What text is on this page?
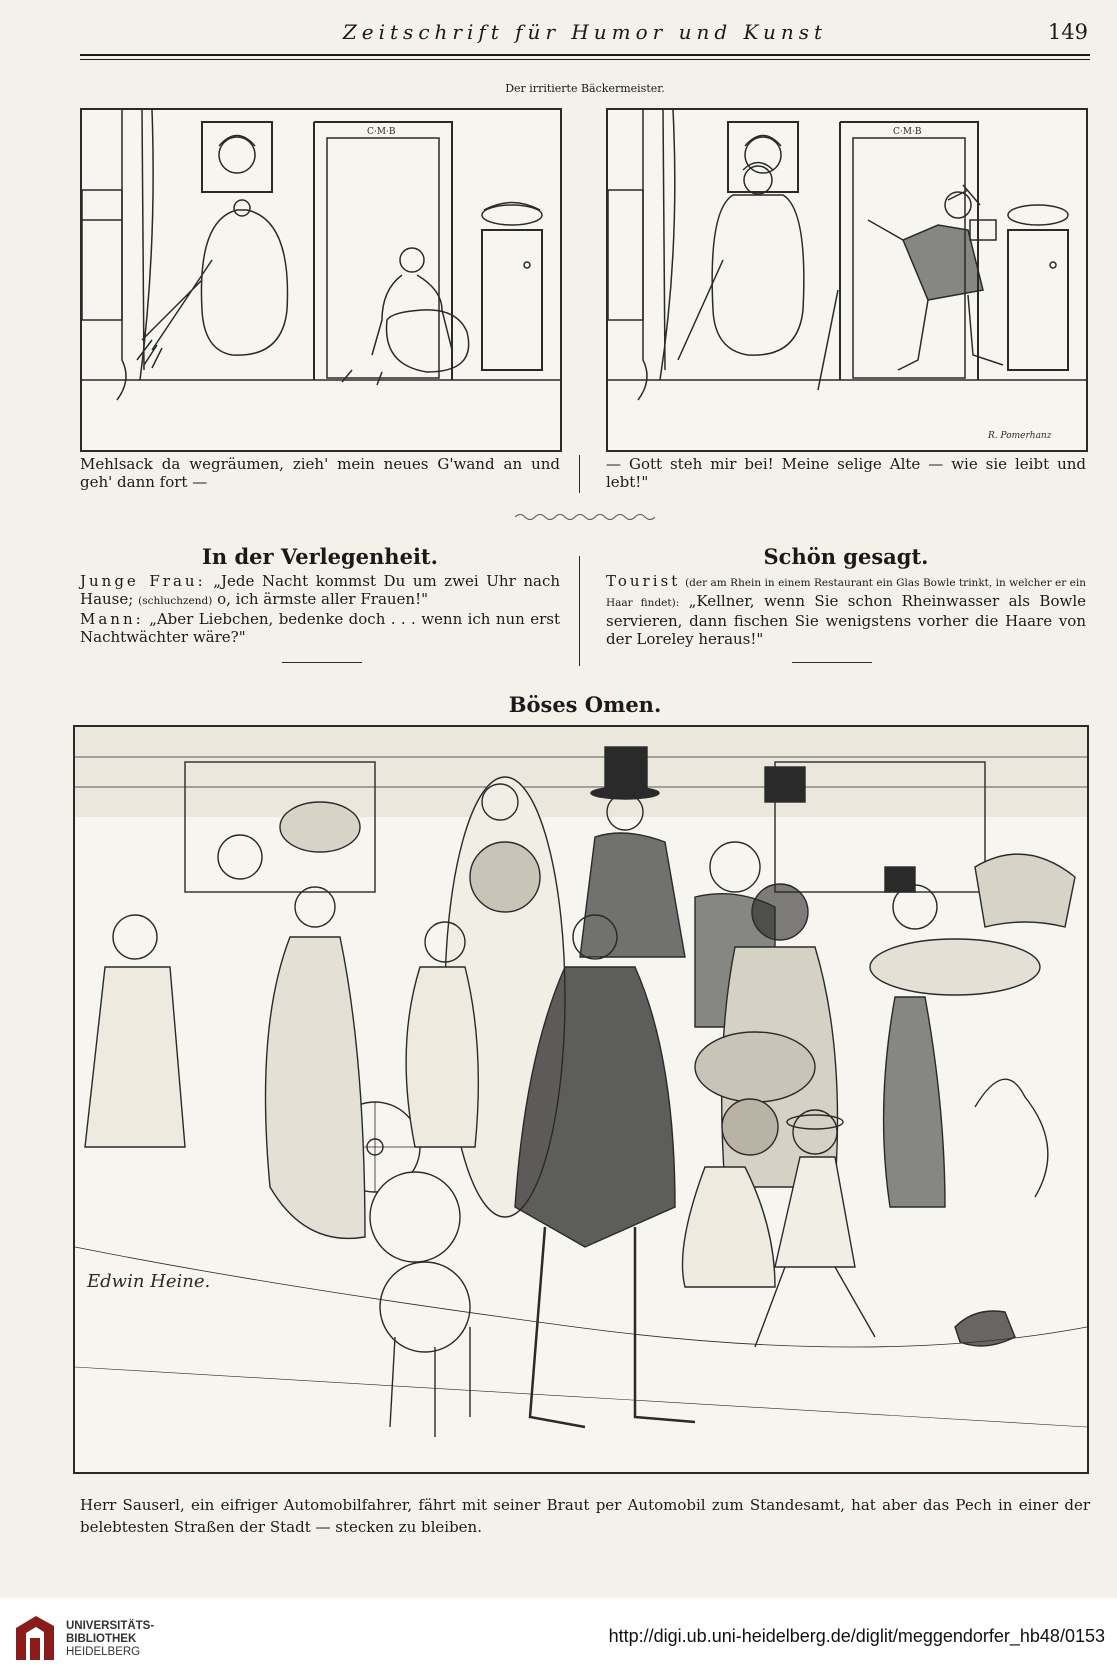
Zeitschrift für Humor und Kunst	149
Der irritierte Bäckermeister.
C·M·B	C·M·B
R. Pomerhanz
Mehlsack da wegräumen, zieh' mein neues G'wand an und geh' dann fort —
— Gott steh mir bei! Meine selige Alte — wie sie leibt und lebt!"
In der Verlegenheit.
Junge Frau: „Jede Nacht kommst Du um zwei Uhr nach Hause; (schluchzend) o, ich ärmste aller Frauen!"
Mann: „Aber Liebchen, bedenke doch . . . wenn ich nun erst Nachtwächter wäre?"
Schön gesagt.
Tourist (der am Rhein in einem Restaurant ein Glas Bowle trinkt, in welcher er ein Haar findet): „Kellner, wenn Sie schon Rheinwasser als Bowle servieren, dann fischen Sie wenigstens vorher die Haare von der Loreley heraus!"
Böses Omen.
Edwin Heine.
Herr Sauserl, ein eifriger Automobilfahrer, fährt mit seiner Braut per Automobil zum Standesamt, hat aber das Pech in einer der belebtesten Straßen der Stadt — stecken zu bleiben.
UNIVERSITÄTS-
BIBLIOTHEK
HEIDELBERG
http://digi.ub.uni-heidelberg.de/diglit/meggendorfer_hb48/0153
